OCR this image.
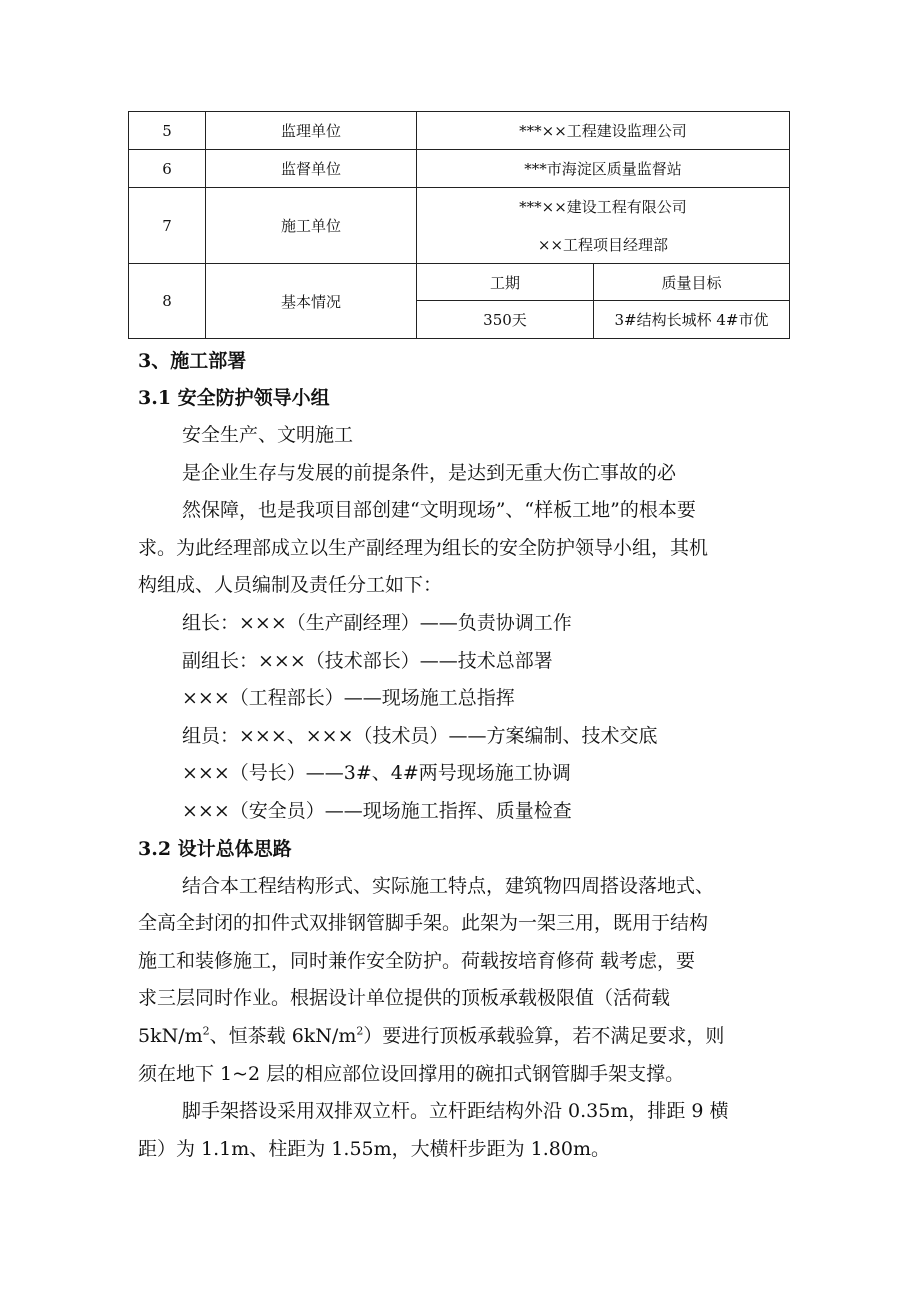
5	监理单位	***××工程建设监理公司	
6	监督单位	***市海淀区质量监督站	
7	施工单位	***××建设工程有限公司	
		××工程项目经理部	
8	基本情况	工期	质量目标
		350天	3#结构长城杯 4#市优
3、施工部署
3.1 安全防护领导小组
安全生产、文明施工
是企业生存与发展的前提条件，是达到无重大伤亡事故的必
然保障，也是我项目部创建“文明现场”、“样板工地”的根本要
求。为此经理部成立以生产副经理为组长的安全防护领导小组，其机
构组成、人员编制及责任分工如下：
组长：×××（生产副经理）——负责协调工作
副组长：×××（技术部长）——技术总部署
×××（工程部长）——现场施工总指挥
组员：×××、×××（技术员）——方案编制、技术交底
×××（号长）——3#、4#两号现场施工协调
×××（安全员）——现场施工指挥、质量检查
3.2 设计总体思路
结合本工程结构形式、实际施工特点，建筑物四周搭设落地式、
全高全封闭的扣件式双排钢管脚手架。此架为一架三用，既用于结构
施工和装修施工，同时兼作安全防护。荷载按培育修荷 载考虑，要
求三层同时作业。根据设计单位提供的顶板承载极限值（活荷载
$5kN/m^2$、恒茶载 $6kN/m^2$）要进行顶板承载验算，若不满足要求，则
须在地下 1~2 层的相应部位设回撑用的碗扣式钢管脚手架支撑。
脚手架搭设采用双排双立杆。立杆距结构外沿 0.35m，排距 9 横
距）为 1.1m、柱距为 1.55m，大横杆步距为 1.80m。
